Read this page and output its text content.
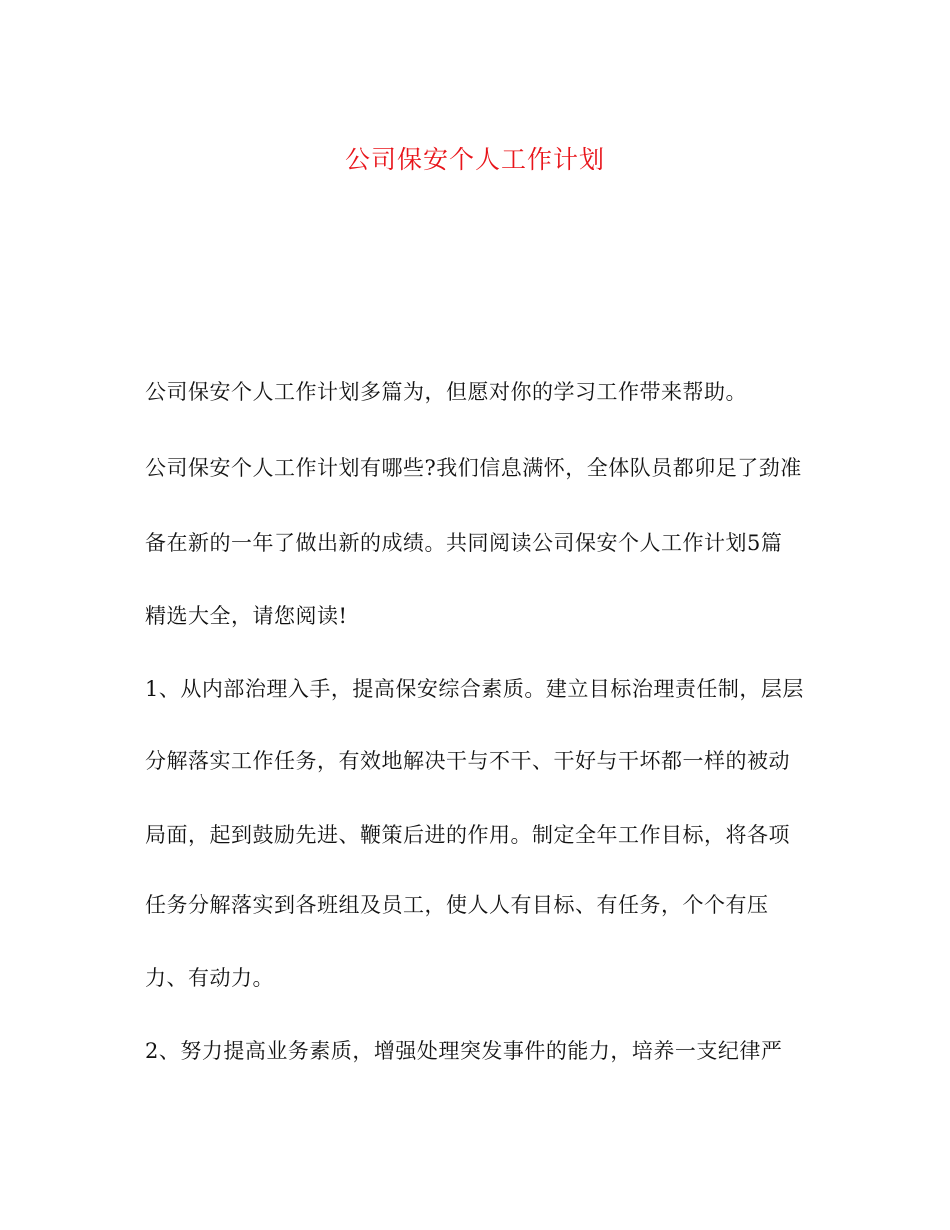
公司保安个人工作计划
公司保安个人工作计划多篇为，但愿对你的学习工作带来帮助。
公司保安个人工作计划有哪些?我们信息满怀，全体队员都卯足了劲准
备在新的一年了做出新的成绩。共同阅读公司保安个人工作计划5篇
精选大全，请您阅读!
1、从内部治理入手，提高保安综合素质。建立目标治理责任制，层层
分解落实工作任务，有效地解决干与不干、干好与干坏都一样的被动
局面，起到鼓励先进、鞭策后进的作用。制定全年工作目标，将各项
任务分解落实到各班组及员工，使人人有目标、有任务，个个有压
力、有动力。
2、努力提高业务素质，增强处理突发事件的能力，培养一支纪律严
